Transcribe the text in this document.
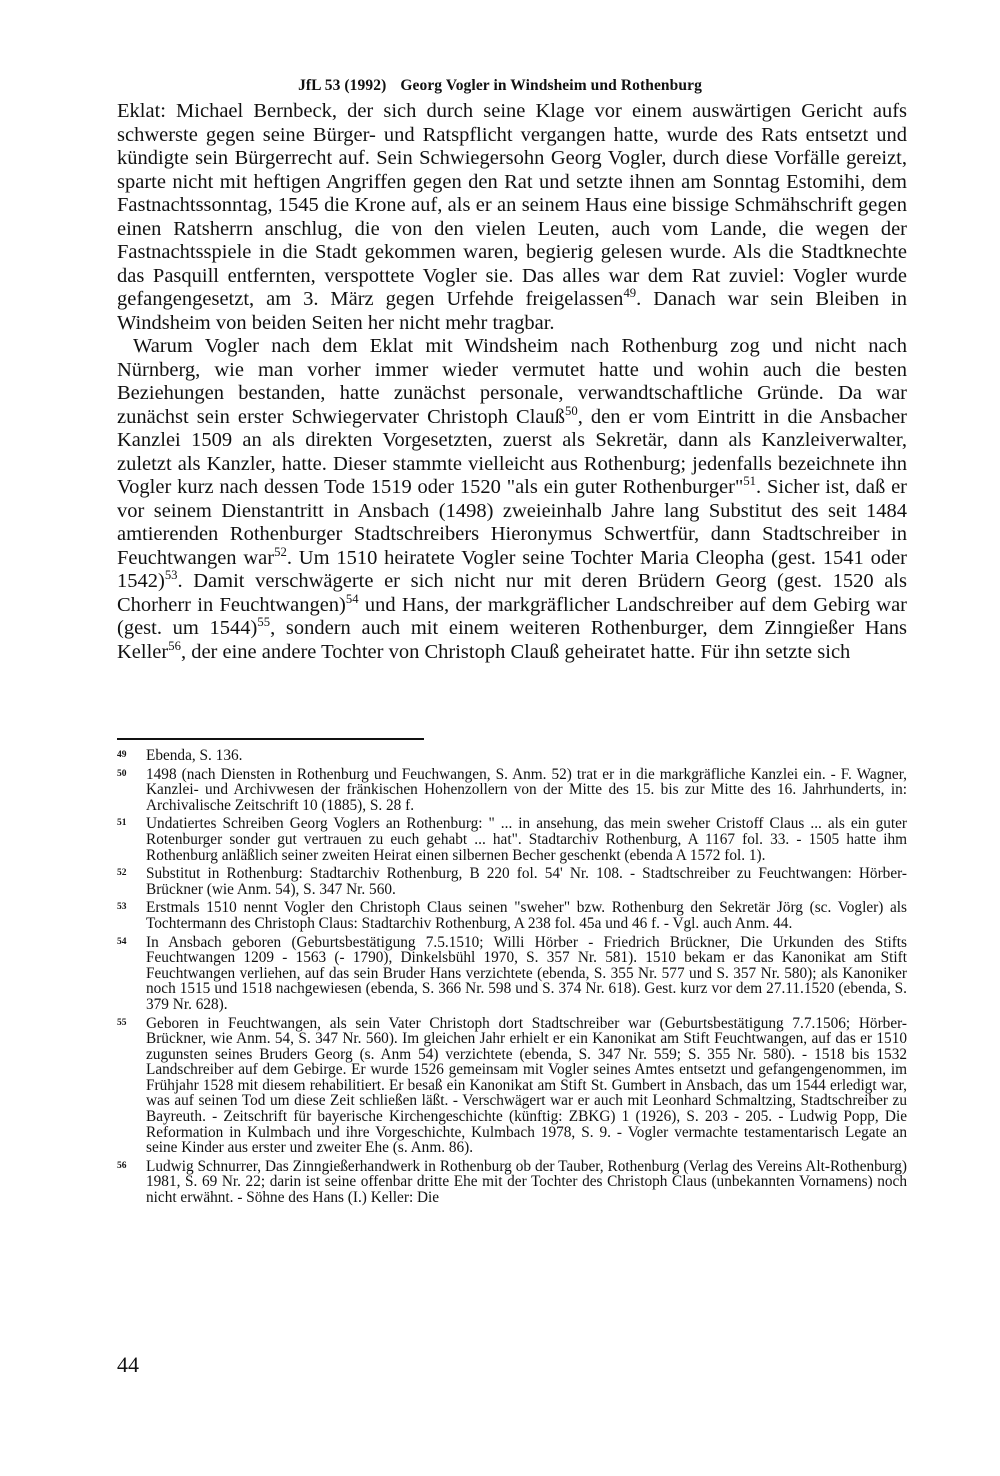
JfL 53 (1992) Georg Vogler in Windsheim und Rothenburg

Eklat: Michael Bernbeck, der sich durch seine Klage vor einem auswärtigen Gericht aufs schwerste gegen seine Bürger- und Ratspflicht vergangen hatte, wurde des Rats entsetzt und kündigte sein Bürgerrecht auf. Sein Schwiegersohn Georg Vogler, durch diese Vorfälle gereizt, sparte nicht mit heftigen Angriffen gegen den Rat und setzte ihnen am Sonntag Estomihi, dem Fastnachtssonntag, 1545 die Krone auf, als er an seinem Haus eine bissige Schmähschrift gegen einen Ratsherrn anschlug, die von den vielen Leuten, auch vom Lande, die wegen der Fastnachtsspiele in die Stadt gekommen waren, begierig gelesen wurde. Als die Stadtknechte das Pasquill entfernten, verspottete Vogler sie. Das alles war dem Rat zuviel: Vogler wurde gefangengesetzt, am 3. März gegen Urfehde freigelassen$^{49}$. Danach war sein Bleiben in Windsheim von beiden Seiten her nicht mehr tragbar.

Warum Vogler nach dem Eklat mit Windsheim nach Rothenburg zog und nicht nach Nürnberg, wie man vorher immer wieder vermutet hatte und wohin auch die besten Beziehungen bestanden, hatte zunächst personale, verwandtschaftliche Gründe. Da war zunächst sein erster Schwiegervater Christoph Clauß$^{50}$, den er vom Eintritt in die Ansbacher Kanzlei 1509 an als direkten Vorgesetzten, zuerst als Sekretär, dann als Kanzleiverwalter, zuletzt als Kanzler, hatte. Dieser stammte vielleicht aus Rothenburg; jedenfalls bezeichnete ihn Vogler kurz nach dessen Tode 1519 oder 1520 "als ein guter Rothenburger"$^{51}$. Sicher ist, daß er vor seinem Dienstantritt in Ansbach (1498) zweieinhalb Jahre lang Substitut des seit 1484 amtierenden Rothenburger Stadtschreibers Hieronymus Schwertfür, dann Stadtschreiber in Feuchtwangen war$^{52}$. Um 1510 heiratete Vogler seine Tochter Maria Cleopha (gest. 1541 oder 1542)$^{53}$. Damit verschwägerte er sich nicht nur mit deren Brüdern Georg (gest. 1520 als Chorherr in Feuchtwangen)$^{54}$ und Hans, der markgräflicher Landschreiber auf dem Gebirg war (gest. um 1544)$^{55}$, sondern auch mit einem weiteren Rothenburger, dem Zinngießer Hans Keller$^{56}$, der eine andere Tochter von Christoph Clauß geheiratet hatte. Für ihn setzte sich

49	Ebenda, S. 136.
50	1498 (nach Diensten in Rothenburg und Feuchwangen, S. Anm. 52) trat er in die markgräfliche Kanzlei ein. - F. Wagner, Kanzlei- und Archivwesen der fränkischen Hohenzollern von der Mitte des 15. bis zur Mitte des 16. Jahrhunderts, in: Archivalische Zeitschrift 10 (1885), S. 28 f.
51	Undatiertes Schreiben Georg Voglers an Rothenburg: " ... in ansehung, das mein sweher Cristoff Claus ... als ein guter Rotenburger sonder gut vertrauen zu euch gehabt ... hat". Stadtarchiv Rothenburg, A 1167 fol. 33. - 1505 hatte ihm Rothenburg anläßlich seiner zweiten Heirat einen silbernen Becher geschenkt (ebenda A 1572 fol. 1).
52	Substitut in Rothenburg: Stadtarchiv Rothenburg, B 220 fol. 54' Nr. 108. - Stadtschreiber zu Feuchtwangen: Hörber-Brückner (wie Anm. 54), S. 347 Nr. 560.
53	Erstmals 1510 nennt Vogler den Christoph Claus seinen "sweher" bzw. Rothenburg den Sekretär Jörg (sc. Vogler) als Tochtermann des Christoph Claus: Stadtarchiv Rothenburg, A 238 fol. 45a und 46 f. - Vgl. auch Anm. 44.
54	In Ansbach geboren (Geburtsbestätigung 7.5.1510; Willi Hörber - Friedrich Brückner, Die Urkunden des Stifts Feuchtwangen 1209 - 1563 (- 1790), Dinkelsbühl 1970, S. 357 Nr. 581). 1510 bekam er das Kanonikat am Stift Feuchtwangen verliehen, auf das sein Bruder Hans verzichtete (ebenda, S. 355 Nr. 577 und S. 357 Nr. 580); als Kanoniker noch 1515 und 1518 nachgewiesen (ebenda, S. 366 Nr. 598 und S. 374 Nr. 618). Gest. kurz vor dem 27.11.1520 (ebenda, S. 379 Nr. 628).
55	Geboren in Feuchtwangen, als sein Vater Christoph dort Stadtschreiber war (Geburtsbestätigung 7.7.1506; Hörber-Brückner, wie Anm. 54, S. 347 Nr. 560). Im gleichen Jahr erhielt er ein Kanonikat am Stift Feuchtwangen, auf das er 1510 zugunsten seines Bruders Georg (s. Anm 54) verzichtete (ebenda, S. 347 Nr. 559; S. 355 Nr. 580). - 1518 bis 1532 Landschreiber auf dem Gebirge. Er wurde 1526 gemeinsam mit Vogler seines Amtes entsetzt und gefangengenommen, im Frühjahr 1528 mit diesem rehabilitiert. Er besaß ein Kanonikat am Stift St. Gumbert in Ansbach, das um 1544 erledigt war, was auf seinen Tod um diese Zeit schließen läßt. - Verschwägert war er auch mit Leonhard Schmaltzing, Stadtschreiber zu Bayreuth. - Zeitschrift für bayerische Kirchengeschichte (künftig: ZBKG) 1 (1926), S. 203 - 205. - Ludwig Popp, Die Reformation in Kulmbach und ihre Vorgeschichte, Kulmbach 1978, S. 9. - Vogler vermachte testamentarisch Legate an seine Kinder aus erster und zweiter Ehe (s. Anm. 86).
56	Ludwig Schnurrer, Das Zinngießerhandwerk in Rothenburg ob der Tauber, Rothenburg (Verlag des Vereins Alt-Rothenburg) 1981, S. 69 Nr. 22; darin ist seine offenbar dritte Ehe mit der Tochter des Christoph Claus (unbekannten Vornamens) noch nicht erwähnt. - Söhne des Hans (I.) Keller: Die
44
